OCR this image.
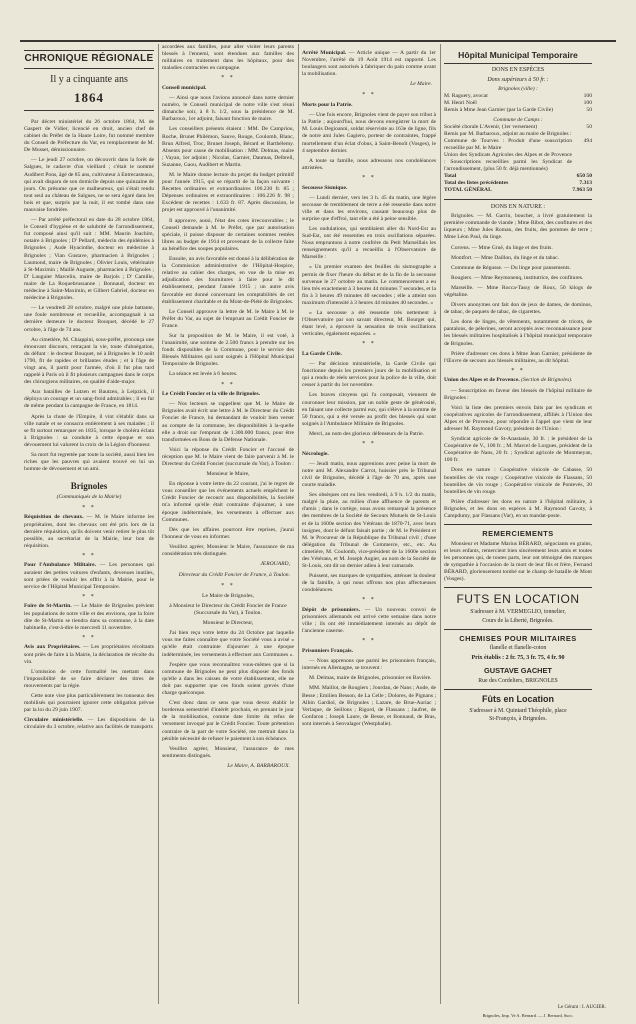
CHRONIQUE RÉGIONALE
Il y a cinquante ans
1864

Par décret ministériel du 26 octobre 1864, M. de Gaspert de Vidier, licencié en droit, ancien chef de cabinet du Préfet de la Haute Loire, fut nommé membre du Conseil de Préfecture du Var, en remplacement de M. De Musset, démissionnaire.

— Le jeudi 27 octobre, on découvrit dans la forêt de Salgues, le cadavre d'un vieillard ; c'était le nommé Audibert Pons, âgé de 85 ans, cultivateur à Entrecasteaux, qui avait disparu de son domicile depuis une quinzaine de jours. On présume que ce malheureux, qui s'était rendu tout seul au château de Salgues, ne se sera égaré dans les bois et que, surpris par la nuit, il est tombé dans une mauvaise fondrière.

— Par arrêté préfectoral en date du 28 octobre 1864, le Conseil d'hygiène et de salubrité de l'arrondissement, fut composé ainsi qu'il suit : MM. Maurin Joachim, notaire à Brignoles ; D' Pellard, médecin des épidémies à Brignoles ; Aude Hyacinthe, docteur en médecine à Brignoles ; Vian Gustave, pharmacien à Brignoles ; Laumond, maire de Brignoles ; Olivier Louis, vétérinaire à St-Maximin ; Maillé Auguste, pharmacien à Brignoles ; D' Lauguier Marcelin, maire de Barjols ; D' Camille, maire de La Roquebrussanne ; Bonnaud, docteur en médecine à Saint-Maximin, et Gilbert Gabriel, docteur en médecine à Brignoles.

— Le vendredi 28 octobre, malgré une pluie battante, une foule nombreuse et recueillie, accompagnait à sa dernière demeure le docteur Bouquet, décédé le 27 octobre, à l'âge de 74 ans.

Au cimetière, M. Chiappini, sous-préfet, prononça une émouvant discours, retraçant la vie, toute d'abnégation, du défunt : le docteur Bouquet, né à Brignoles le 10 août 1790, fit de rapides et brillantes études ; et à l'âge de vingt ans, il partit pour l'armée, d'où il fut plus tard rappelé à Paris où il fit plusieurs campagnes dans le corps des chirurgiens militaires, en qualité d'aide-major.

Aux batailles de Lutzen et Bautzen, à Leipzick, il déploya un courage et un sang-froid admirables ; il en fut de même pendant la campagne de France, en 1814.

Après la chute de l'Empire, il vint s'établir dans sa ville natale et se consacra entièrement à ses malades ; il se fit surtout remarquer en 1835, lorsque le choléra éclata à Brignoles : sa conduite à cette époque et son dévouement lui valurent la croix de la Légion d'honneur.

Sa mort fut regrettée par toute la société, aussi bien les riches que les pauvres qui avaient trouvé en lui un homme de dévouement et un ami.

Brignoles
(Communiqués de la Mairie)
* *

Réquisition de chevaux. — M. le Maire informe les propriétaires, dont les chevaux ont été pris lors de la dernière réquisition, qu'ils doivent venir retirer le plus tôt possible, au secrétariat de la Mairie, leur bon de réquisition.

* *

Pour l'Ambulance Militaire. — Les personnes qui auraient des petites voitures d'enfants, devenues inutiles, sont priées de vouloir les offrir à la Mairie, pour le service de l'Hôpital Municipal Temporaire.

* *

Foire de St-Martin. — Le Maire de Brignoles prévient les populations de notre ville et des environs, que la foire dite de St-Martin se tiendra dans sa commune, à la date habituelle, c'est-à-dire le mercredi 11 novembre.

* *

Avis aux Propriétaires. — Les propriétaires récoltants sont priés de faire à la Mairie, la déclaration de récolte du vin.

L'omission de cette formalité les mettant dans l'impossibilité de se faire déclarer des titres de mouvements par la régie.

Cette note vise plus particulièrement les tonneaux des mobilisés qui pourraient ignorer cette obligation prévue par la loi du 29 juin 1907.

Circulaire ministérielle. — Les dispositions de la circulaire du 3 octobre, relative aux facilités de transports

accordées aux familles, pour aller visiter leurs parents blessés à l'ennemi, sont étendues aux familles des militaires en traitement dans les hôpitaux, pour des maladies contractées en campagne.

* *

Conseil municipal.

— Ainsi que nous l'avions annoncé dans notre dernier numéro, le Conseil municipal de notre ville s'est réuni dimanche soir, à 8 h. 1/2, sous la présidence de M. Barbaroux, 1er adjoint, faisant fonction de maire.

Les conseillers présents étaient : MM. De Campriou, Roche, Brunet Philémon, Sauve, Rouge, Coulomb, Blanc, Brun Alfred, Troc, Brunet Joseph, Bérard et Barthélemy. Absents pour cause de mobilisation : MM. Delmas, maire ; Vayan, 1er adjoint ; Nicolas, Garnier, Daumas, Delbreil, Suzanne, Gaou, Audibert et Martin.

M. le Maire donne lecture du projet du budget primitif pour l'année 1915, qui se répartit de la façon suivante : Recettes ordinaires et extraordinaires 106.230 fr. 85 ; Dépenses ordinaires et extraordinaires : 106.226 fr. 98 ; Excédent de recettes : 1.633 fr. 87. Après discussion, le projet est approuvé à l'unanimité.

Il approuve, aussi, l'état des cotes irrecouvrables ; le Conseil demande à M. le Préfet, que par autorisation spéciale, il puisse disposer de certaines sommes restées libres au budget de 1914 et provenant de la collecte faite au bénéfice des soupes populaires.

Ensuite, un avis favorable est donné à la délibération de la Commission administrative de l'Hôpital-Hospice, relative au cahier des charges, en vue de la mise en adjudication des fournitures à faire pour le dit établissement, pendant l'année 1915 ; un autre avis favorable est donné concernant les comptabilités de cet établissement charitable et du Mont-de-Piété de Brignoles.

Le Conseil approuve la lettre de M. le Maire à M. le Préfet du Var, au sujet de l'emprunt au Crédit Foncier de France.

Sur la proposition de M. le Maire, il est voté, à l'unanimité, une somme de 2.500 francs à prendre sur les fonds disponibles de la Commune, pour le service des Blessés Militaires qui sont soignés à l'Hôpital Municipal Temporaire de Brignoles.

La séance est levée à 6 heures.

* *

Le Crédit Foncier et la ville de Brignoles.

— Nos lecteurs se rappellent que M. le Maire de Brignoles avait écrit une lettre à M. le Directeur du Crédit Foncier de France, lui demandant de vouloir bien verser au compte de la commune, les disponibilités à la-quelle elle a droit sur l'emprunt de 1.300.000 francs, pour être transformées en Bons de la Défense Nationale.

Voici la réponse du Crédit Foncier et l'accusé de réception que M. le Maire vient de faire parvenir à M. le Directeur du Crédit Foncier (succursale du Var), à Toulon :

Monsieur le Maire,

En réponse à votre lettre du 22 courant, j'ai le regret de vous conseiller que les événements actuels empêchent le Crédit Foncier de recourir aux disponibilités, la Société m'a informé qu'elle était contrainte d'ajourner, à une époque indéterminée, les versements à effectuer aux Communes.

Dès que les affaires pourront être reprises, j'aurai l'honneur de vous en informer.

Veuillez agréer, Monsieur le Maire, l'assurance de ma considération très distinguée.

JEROUARD,
Directeur du Crédit Foncier de France, à Toulon.
* *

Le Maire de Brignoles,

à Monsieur le Directeur du Crédit Foncier de France (Succursale du Var), à Toulon.

Monsieur le Directeur,

J'ai bien reçu votre lettre du 24 Octobre par laquelle vous me faites connaître que votre Société vous a avisé « qu'elle était contrainte d'ajourner à une époque indéterminée, les versements à effectuer aux Communes ».

J'espère que vous reconnaîtrez vous-mêmes que si la commune de Brignoles ne peut plus disposer des fonds qu'elle a dans les caisses de votre établissement, elle ne doit pas supporter que ces fonds soient grevés d'une charge quelconque.

C'est donc dans ce sens que vous devez établir le bordereau semestriel d'intérêt prochain, en prenant le jour de la mobilisation, comme date limite du refus de versement invoqué par le Crédit Foncier. Toute prétention contraire de la part de votre Société, me mettrait dans la pénible nécessité de refuser le paiement à son échéance.

Veuillez agréer, Monsieur, l'assurance de mes sentiments distingués.

Le Maire, A. BARBAROUX.

Arrêté Municipal. — Article unique — A partir du 1er Novembre, l'arrêté du 19 Août 1914 est rapporté. Les boulangers sont autorisés à fabriquer du pain comme avant la mobilisation.

Le Maire.
* *

Morts pour la Patrie.

— Une fois encore, Brignoles vient de payer son tribut à la Patrie ; aujourd'hui, nous devons enregistrer la mort de M. Louis Degioanni, soldat réserviste au 163e de ligne, fils de notre ami Jules Gagiero, porteur de contraintes, frappé mortellement d'un éclat d'obus, à Saint-Benoît (Vosges), le 4 septembre dernier.

A toute sa famille, nous adressons nos condoléances attristées.

* *

Secousse Sismique.

— Lundi dernier, vers les 3 h. 45 du matin, une légère secousse de tremblement de terre a été ressentie dans notre ville et dans les environs, causant beaucoup plus de surprise que d'effroi, tant elle a été à peine sensible.

Les ondulations, qui semblaient aller du Nord-Est au Sud-Est, ont été ressenties en trois oscillations séparées. Nous empruntons à notre confrère du Petit Marseillais les renseignements qu'il a recueillis à l'Observatoire de Marseille :

« Un premier examen des feuilles du sismographe a permis de fixer l'heure du début et de la fin de la secousse survenue le 27 octobre au matin. Le commencement a eu lieu très exactement à 3 heures 44 minutes 7 secondes, et la fin à 3 heures 49 minutes 40 secondes ; elle a atteint son maximum d'intensité à 3 heures 44 minutes 40 secondes. »

« La secousse a été ressentie très nettement à l'Observatoire par son savant directeur, M. Bourget qui, étant levé, a éprouvé la sensation de trois oscillations verticales, également espacées. »

* *

La Garde Civile.

— Par décision ministérielle, la Garde Civile qui fonctionne depuis les premiers jours de la mobilisation et qui a rendu de réels services pour la police de la ville, doit cesser à partir du 1er novembre.

Les braves citoyens qui l'a composait, viennent de couronner leur mission, par un noble geste de générosité, en faisant une collecte parmi eux, qui s'élève à la somme de 50 francs, qui a été versée au profit des blessés qui sont soignés à l'Ambulance Militaire de Brignoles.

Merci, au nom des glorieux défenseurs de la Patrie.

* *

Nécrologie.

— Jeudi matin, nous apprenions avec peine la mort de notre ami M. Alexandre Carrot, huissier près le Tribunal civil de Brignoles, décédé à l'âge de 70 ans, après une courte maladie.

Ses obsèques ont eu lieu vendredi, à 9 h. 1/2 du matin, malgré la pluie, au milieu d'une affluence de parents et d'amis ; dans le cortège, nous avons remarqué la présence des membres de la Société de Secours Mutuels de St-Louis et de la 1600e section des Vétérans de 1870-71, avec leurs insignes, dont le défunt faisait partie ; de M. le Président et M. le Procureur de la République du Tribunal civil ; d'une délégation du Tribunal de Commerce, etc., etc. Au cimetière, M. Coulomb, vice-président de la 1600e section des Vétérans, et M. Joseph Augier, au nom de la Société de St-Louis, ont dit un dernier adieu à leur camarade.

Puissent, ses marques de sympathies, atténuer la douleur de la famille, à qui nous offrons nos plus affectueuses condoléances.

* *

Dépôt de prisonniers. — Un nouveau convoi de prisonniers allemands est arrivé cette semaine dans notre ville ; ils ont été immédiatement internés au dépôt de l'ancienne caserne.

* *

Prisonniers Français.

— Nous apprenons que parmi les prisonniers français, internés en Allemagne, se trouvent :

M. Delmas, maire de Brignoles, prisonnier en Bavière.

MM. Maillot, de Rougiers ; Jourdan, de Nans ; Aude, de Besse ; Emilien Besson, de La Celle ; Dolores, de Pignans ; Albin Gardiol, de Brignoles ; Lazare, de Brue-Auriac ; Verlaque, de Seillons ; Rigord, de Flassans ; Jaufret, de Gonfaron ; Joseph Laure, de Besse, et Bonnaud, de Bras, sont internés à Senvalager (Westphalie).

Hôpital Municipal Temporaire
DONS EN ESPÈCES
Dons supérieurs à 50 fr. :
Brignoles (ville) :
M. Raguery, avocat	100
M. Henri Noël	100
Remis à Mme Jean Garnier (par la Garde Civile)	50
Commune de Camps :
Société chorale L'Avenir, (1er versement)	50
Remis par M. Barbaroux, adjoint au maire de Brignoles :
Commune de Tourves : Produit d'une souscription recueillie par M. le Maire
494
Union des Syndicats Agricoles des Alpes et de Provence : Souscriptions recueillies parmi les Syndicat de l'arrondissement, (plus 50 fr. déjà mentionnés)
Total	650 50
Total des listes précédentes	7.313
TOTAL GÉNÉRAL	7.963 50
DONS EN NATURE :

Brignoles. — M. Garrin, boucher, a livré gratuitement la première commande de viande ; Mme Ribot, des confitures et des liqueurs ; Mme Jules Roman, des fruits, des pommes de terre ; Mme Léon Paul, du linge.

Correns. — Mme Gruë, du linge et des fruits.

Montfort. — Mme Daillon, du linge et du tabac.

Commune de Régusse. — Du linge pour pansements.

Rougiers. — Mme Reymonenq, institutrice, des confitures.

Marseille. — Mme Rocca-Tassy de Roux, 50 kilogs de végétaline.

Divers anonymes ont fait don de jeux de dames, de dominos, de tabac, de paquets de tabac, de cigarettes.

Les dons de linges, de vêtements, notamment de tricots, de pantalons, de pélerines, seront acceptés avec reconnaissance pour les blessés militaires hospitalisés à l'hôpital municipal temporaire de Brignoles.

Prière d'adresser ces dons à Mme Jean Garnier, présidente de l'Œuvre de secours aux blessés militaires, au dit hôpital.

* *

Union des Alpes et de Provence. (Section de Brignoles).

— Souscription en faveur des blessés de l'hôpital militaire de Brignoles :

Voici la liste des premiers envois faits par les syndicats et coopératives agricoles de l'arrondissement, affiliés à l'Union des Alpes et de Provence, pour répondre à l'appel que vient de leur adresser M. Raymond Gavoty, président de l'Union :

Syndicat agricole de St-Anastasie, 30 fr. ; le président de la Coopérative de V., 100 fr. ; M. Marcel de Lorgues, président de la Coopérative de Nans, 20 fr. ; Syndicat agricole de Montmeyan, 100 fr.

Dons en nature : Coopérative vinicole de Cabasse, 50 bouteilles de vin rouge ; Coopérative vinicole de Flassans, 50 bouteilles de vin rouge ; Coopérative vinicole de Pontevès, 30 bouteilles de vin rouge.

Prière d'adresser les dons en nature à l'hôpital militaire, à Brignoles, et les dons en espèces à M. Raymond Gavoty, à Campdumy, par Flassans (Var), en un mandat-poste.

REMERCIEMENTS

Monsieur et Madame Marius BÉRARD, négociants en grains, et leurs enfants, remercient bien sincèrement leurs amis et toutes les personnes qui, de toutes parts, leur ont témoigné des marques de sympathie à l'occasion de la mort de leur fils et frère, Fernand BÉRARD, glorieusement tombé sur le champ de bataille de Mont (Vosges).

FUTS EN LOCATION
S'adresser à M. VERMEGLIO, tonnelier,
Cours de la Liberté, Brignoles.
CHEMISES POUR MILITAIRES
flanelle et flanelle-coton
Prix établis : 2 fr. 75, 3 fr. 75, 4 fr. 90
GUSTAVE GACHET
Rue des Cordeliers, BRIGNOLES
Fûts en Location
S'adresser à M. Quintard Théophile, place
St-François, à Brignoles.
Le Gérant : I. AUGIER.
Brignoles, Imp. Ve A. Bernard. — J. Bernard, Succ.
